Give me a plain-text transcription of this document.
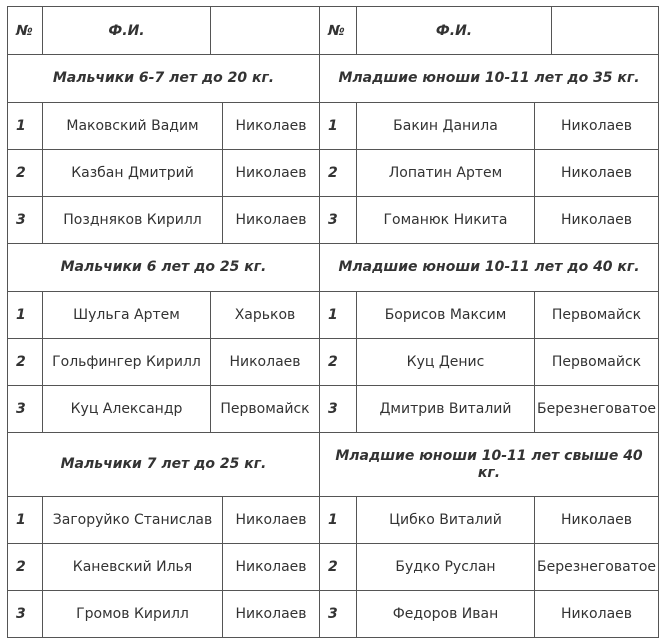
№	Ф.И.
Мальчики 6-7 лет до 20 кг.
1	Маковский Вадим	Николаев
2	Казбан Дмитрий	Николаев
3	Поздняков Кирилл	Николаев
Мальчики 6 лет до 25 кг.
1	Шульга Артем	Харьков
2	Гольфингер Кирилл	Николаев
3	Куц Александр	Первомайск
Мальчики 7 лет до 25 кг.
1	Загоруйко Станислав	Николаев
2	Каневский Илья	Николаев
3	Громов Кирилл	Николаев
№	Ф.И.
Младшие юноши 10-11 лет до 35 кг.
1	Бакин Данила	Николаев
2	Лопатин Артем	Николаев
3	Гоманюк Никита	Николаев
Младшие юноши 10-11 лет до 40 кг.
1	Борисов Максим	Первомайск
2	Куц Денис	Первомайск
3	Дмитрив Виталий	Березнеговатое
Младшие юноши 10-11 лет свыше 40 кг.
1	Цибко Виталий	Николаев
2	Будко Руслан	Березнеговатое
3	Федоров Иван	Николаев
